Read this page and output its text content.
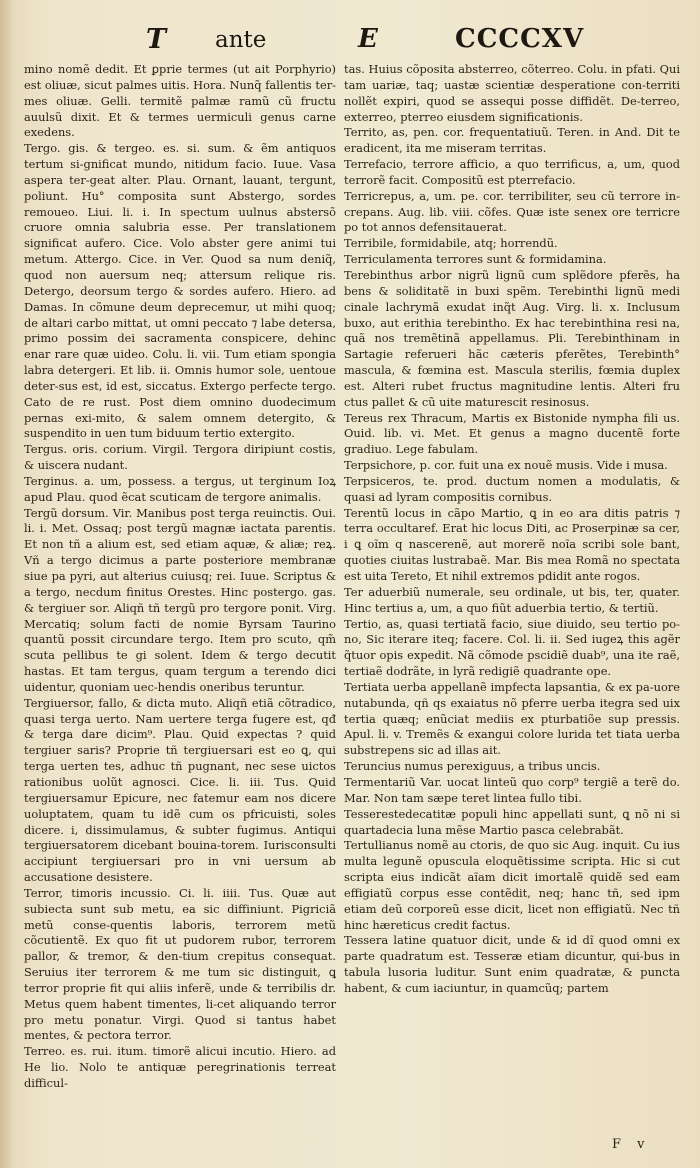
T ante	E	CCCCXV

mino nomẽ dedit. Et ꝑprie termes (ut ait Porphyrio) est oliuæ, sicut palmes uitis. Hora. Nunq̃ fallentis ter-mes oliuæ. Gelli. termitẽ palmæ ramũ cũ fructu auulsũ dixit. Et & termes uermiculi genus carne exedens.

Tergo. gis. & tergeo. es. si. sum. & ẽm antiquos tertum si-gnificat mundo, nitidum facio. Iuue. Vasa aspera ter-geat alter. Plau. Ornant, lauant, tergunt, poliunt. Hu° composita sunt Abstergo, sordes remoueo. Liui. li. i. In spectum uulnus abstersõ cruore omnia salubria esse. Per translationem significat aufero. Cice. Volo abster gere animi tui metum. Attergo. Cice. in Ver. Quod sa num deniq̃, quod non auersum neq; attersum relique ris. Detergo, deorsum tergo & sordes aufero. Hiero. ad Damas. In cõmune deum deprecemur, ut mihi quoq; de altari carbo mittat, ut omni peccato ⁊ labe detersa, primo possim dei sacramenta conspicere, dehinc enar rare quæ uideo. Colu. li. vii. Tum etiam spongia labra detergeri. Et lib. ii. Omnis humor sole, uentoue deter-sus est, id est, siccatus. Extergo perfecte tergo. Cato de re rust. Post diem omnino duodecimum pernas exi-mito, & salem omnem detergito, & suspendito in uen tum biduum tertio extergito.

Tergus. oris. corium. Virgil. Tergora diripiunt costis, & uiscera nudant.

Terginus. a. um, possess. a tergus, ut terginum Ioꝝ apud Plau. quod ẽcat scuticam de tergore animalis.

Tergũ dorsum. Vir. Manibus post terga reuinctis. Oui. li. i. Met. Ossaq; post tergũ magnæ iactata parentis. Et non tñ a alium est, sed etiam aquæ, & aliæ; reꝝ. Vñ a tergo dicimus a parte posteriore membranæ siue pa pyri, aut alterius cuiusq; rei. Iuue. Scriptus & a tergo, necdum finitus Orestes. Hinc postergo. gas. & tergiuer sor. Aliqñ tñ tergũ pro tergore ponit. Virg. Mercatiq; solum facti de nomie Byrsam Taurino quantũ possit circundare tergo. Item pro scuto, qm̃ scuta pellibus te gi solent. Idem & tergo decutit hastas. Et tam tergus, quam tergum a terendo dici uidentur, quoniam uec-hendis oneribus teruntur.

Tergiuersor, fallo, & dicta muto. Aliqñ etiã cõtradico, quasi terga uerto. Nam uertere terga fugere est, qđ & terga dare dicim⁹. Plau. Quid expectas ? quid tergiuer saris? Proprie tñ tergiuersari est eo ꝗ, qui terga uerten tes, adhuc tñ pugnant, nec sese uictos rationibus uolũt agnosci. Cice. li. iii. Tus. Quid tergiuersamur Epicure, nec fatemur eam nos dicere uoluptatem, quam tu idẽ cum os pfricuisti, soles dicere. i, dissimulamus, & subter fugimus. Antiqui tergiuersatorem dicebant bouina-torem. Iurisconsulti accipiunt tergiuersari pro in vni uersum ab accusatione desistere.

Terror, timoris incussio. Ci. li. iiii. Tus. Quæ aut subiecta sunt sub metu, ea sic diffiniunt. Pigriciã metũ conse-quentis laboris, terrorem metũ cõcutientẽ. Ex quo fit ut pudorem rubor, terrorem pallor, & tremor, & den-tium crepitus consequat. Seruius iter terrorem & me tum sic distinguit, ꝗ terror proprie fit qui aliis inferẽ, unde & terribilis dr. Metus quem habent timentes, li-cet aliquando terror pro metu ponatur. Virgi. Quod si tantus habet mentes, & pectora terror.

Terreo. es. rui. itum. timorẽ alicui incutio. Hiero. ad He lio. Nolo te antiquæ peregrinationis terreat difficul-

tas. Huius cõposita absterreo, cõterreo. Colu. in pfati. Qui tam uariæ, taq; uastæ scientiæ desperatione con-territi nollẽt expiri, quod se assequi posse diffidẽt. De-terreo, exterreo, pterreo eiusdem significationis.

Territo, as, pen. cor. frequentatiuũ. Teren. in And. Dit te eradicent, ita me miseram territas.

Terrefacio, terrore afficio, a quo terrificus, a, um, quod terrorẽ facit. Compositũ est pterrefacio.

Terricrepus, a, um. pe. cor. terribiliter, seu cũ terrore in-crepans. Aug. lib. viii. cõfes. Quæ iste senex ore terricre po tot annos defensitauerat.

Terribile, formidabile, atq; horrendũ.

Terriculamenta terrores sunt & formidamina.

Terebinthus arbor nigrũ lignũ cum splẽdore pferẽs, ha bens & soliditatẽ in buxi spẽm. Terebinthi lignũ medi cinale lachrymã exudat inq̃t Aug. Virg. li. x. Inclusum buxo, aut erithia terebintho. Ex hac terebinthina resi na, quã nos tremẽtinã appellamus. Pli. Terebinthinam in Sartagie referueri hãc cæteris pferẽtes, Terebinth° mascula, & fœmina est. Mascula sterilis, fœmia duplex est. Alteri rubet fructus magnitudine lentis. Alteri fru ctus pallet & cũ uite maturescit resinosus.

Tereus rex Thracum, Martis ex Bistonide nympha fili us. Ouid. lib. vi. Met. Et genus a magno ducentẽ forte gradiuo. Lege fabulam.

Terpsichore, p. cor. fuit una ex nouẽ musis. Vide i musa.

Terpsiceros, te. prod. ductum nomen a modulatis, & quasi ad lyram compositis cornibus.

Terentũ locus in cãpo Martio, ꝗ in eo ara ditis patris ⁊ terra occultaref. Erat hic locus Diti, ac Proserpinæ sa cer, i ꝗ oĩm q nascerenẽ, aut morerẽ noĩa scribi sole bant, quoties ciuitas lustrabaẽ. Mar. Bis mea Romã no spectata est uita Tereto, Et nihil extremos pdidit ante rogos.

Ter aduerbiũ numerale, seu ordinale, ut bis, ter, quater. Hinc tertius a, um, a quo fiũt aduerbia tertio, & tertiũ.

Tertio, as, quasi tertiatã facio, siue diuido, seu tertio po-no, Sic iterare iteq; facere. Col. li. ii. Sed iugeꝝ this agẽr q̃tuor opis expedit. Nã cõmode pscidiẽ duab⁹, una ite raẽ, tertiaẽ dodrãte, in lyrã redigiẽ quadrante ope.

Tertiata uerba appellanẽ impfecta lapsantia, & ex pa-uore nutabunda, qñ qs exaiatus nõ pferre uerba itegra sed uix tertia quæq; enũciat mediis ex pturbatiõe sup pressis. Apul. li. v. Tremẽs & exangui colore lurida tet tiata uerba substrepens sic ad illas ait.

Teruncius numus perexiguus, a tribus uncis.

Termentariũ Var. uocat linteũ quo corp⁹ tergiẽ a terẽ do. Mar. Non tam sæpe teret lintea fullo tibi.

Tesserestedecatitæ populi hinc appellati sunt, ꝗ nõ ni si quartadecia luna mẽse Martio pasca celebrabãt.

Tertullianus nomẽ au ctoris, de quo sic Aug. inquit. Cu ius multa legunẽ opuscula eloquẽtissime scripta. Hic si cut scripta eius indicãt aĩam dicit imortalẽ quidẽ sed eam effigiatũ corpus esse contẽdit, neq; hanc tñ, sed ipm etiam deũ corporeũ esse dicit, licet non effigiatũ. Nec tñ hinc hæreticus credit factus.

Tessera latine quatuor dicit, unde & id dĩ quod omni ex parte quadratum est. Tesseræ etiam dicuntur, qui-bus in tabula lusoria luditur. Sunt enim quadratæ, & puncta habent, & cum iaciuntur, in quamcũq; partem

F v
